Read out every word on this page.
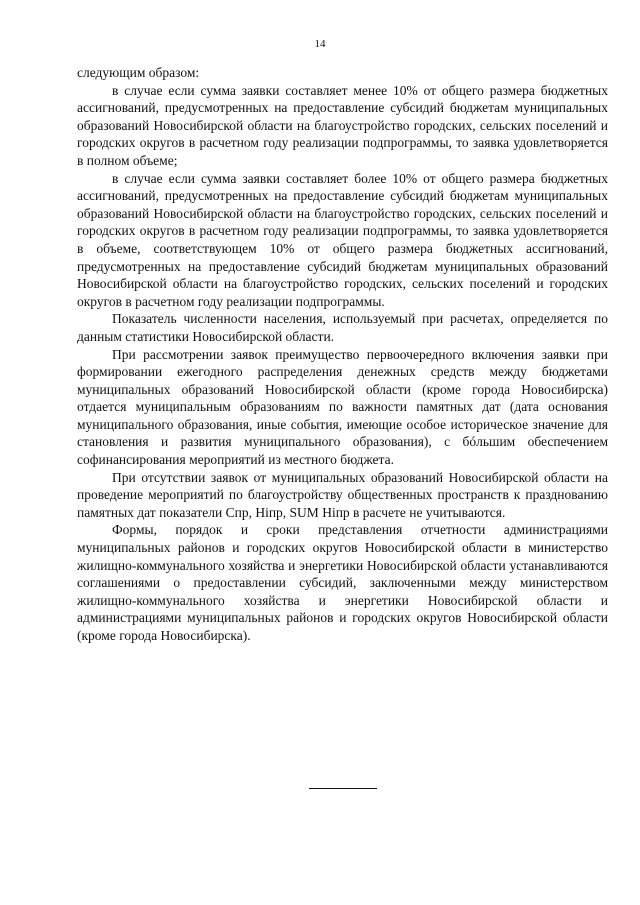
14

следующим образом:

в случае если сумма заявки составляет менее 10% от общего размера бюджетных ассигнований, предусмотренных на предоставление субсидий бюджетам муниципальных образований Новосибирской области на благоустройство городских, сельских поселений и городских округов в расчетном году реализации подпрограммы, то заявка удовлетворяется в полном объеме;

в случае если сумма заявки составляет более 10% от общего размера бюджетных ассигнований, предусмотренных на предоставление субсидий бюджетам муниципальных образований Новосибирской области на благоустройство городских, сельских поселений и городских округов в расчетном году реализации подпрограммы, то заявка удовлетворяется в объеме, соответствующем 10% от общего размера бюджетных ассигнований, предусмотренных на предоставление субсидий бюджетам муниципальных образований Новосибирской области на благоустройство городских, сельских поселений и городских округов в расчетном году реализации подпрограммы.

Показатель численности населения, используемый при расчетах, определяется по данным статистики Новосибирской области.

При рассмотрении заявок преимущество первоочередного включения заявки при формировании ежегодного распределения денежных средств между бюджетами муниципальных образований Новосибирской области (кроме города Новосибирска) отдается муниципальным образованиям по важности памятных дат (дата основания муниципального образования, иные события, имеющие особое историческое значение для становления и развития муниципального образования), с бóльшим обеспечением софинансирования мероприятий из местного бюджета.

При отсутствии заявок от муниципальных образований Новосибирской области на проведение мероприятий по благоустройству общественных пространств к празднованию памятных дат показатели Спр, Нiпр, SUM Нiпр в расчете не учитываются.

Формы, порядок и сроки представления отчетности администрациями муниципальных районов и городских округов Новосибирской области в министерство жилищно-коммунального хозяйства и энергетики Новосибирской области устанавливаются соглашениями о предоставлении субсидий, заключенными между министерством жилищно-коммунального хозяйства и энергетики Новосибирской области и администрациями муниципальных районов и городских округов Новосибирской области (кроме города Новосибирска).
